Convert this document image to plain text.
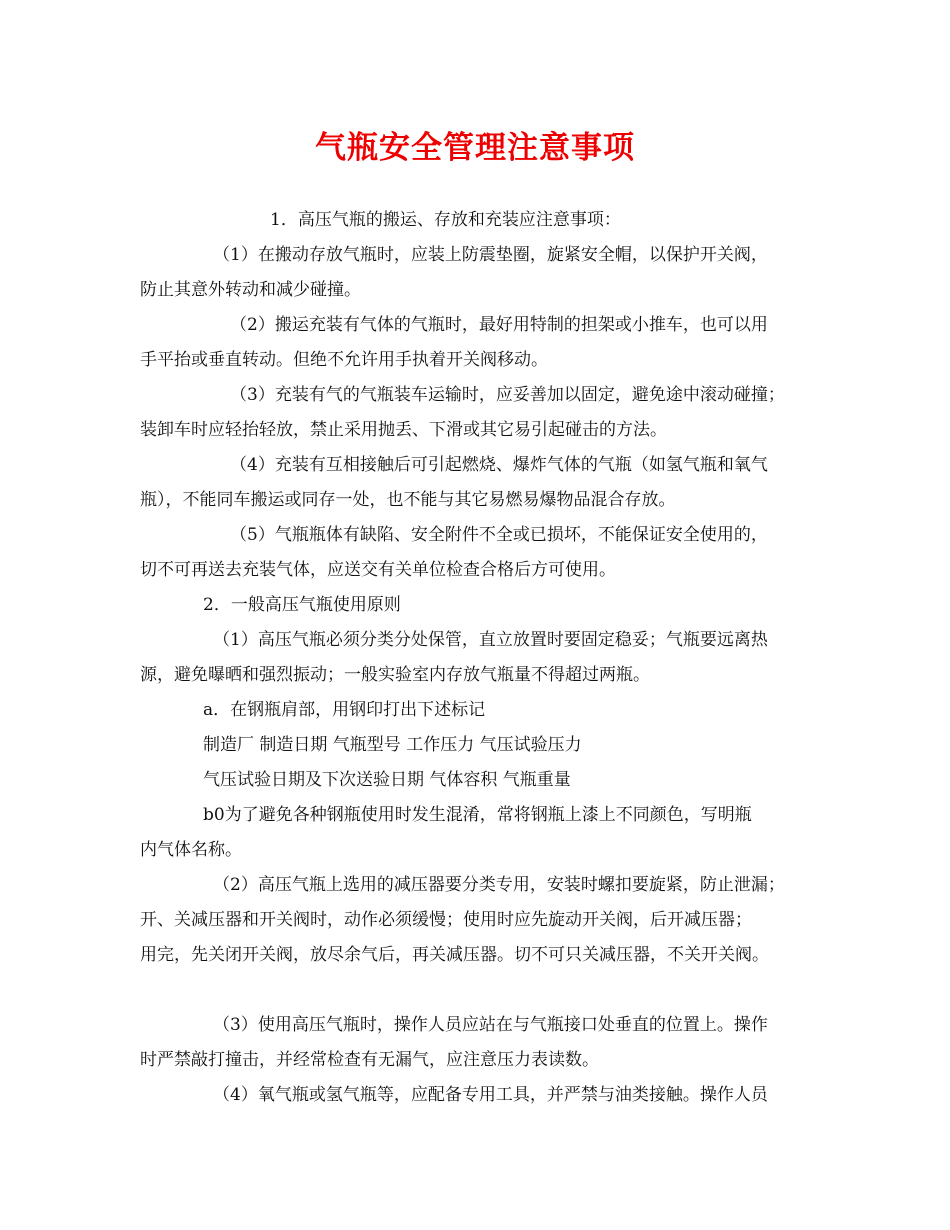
气瓶安全管理注意事项
1．高压气瓶的搬运、存放和充装应注意事项：
（1）在搬动存放气瓶时，应装上防震垫圈，旋紧安全帽，以保护开关阀，
防止其意外转动和减少碰撞。
（2）搬运充装有气体的气瓶时，最好用特制的担架或小推车，也可以用
手平抬或垂直转动。但绝不允许用手执着开关阀移动。
（3）充装有气的气瓶装车运输时，应妥善加以固定，避免途中滚动碰撞；
装卸车时应轻抬轻放，禁止采用抛丢、下滑或其它易引起碰击的方法。
（4）充装有互相接触后可引起燃烧、爆炸气体的气瓶（如氢气瓶和氧气
瓶），不能同车搬运或同存一处，也不能与其它易燃易爆物品混合存放。
（5）气瓶瓶体有缺陷、安全附件不全或已损坏，不能保证安全使用的，
切不可再送去充装气体，应送交有关单位检查合格后方可使用。
2．一般高压气瓶使用原则
（1）高压气瓶必须分类分处保管，直立放置时要固定稳妥；气瓶要远离热
源，避免曝晒和强烈振动；一般实验室内存放气瓶量不得超过两瓶。
a．在钢瓶肩部，用钢印打出下述标记
制造厂 制造日期 气瓶型号 工作压力 气压试验压力
气压试验日期及下次送验日期 气体容积 气瓶重量
b0为了避免各种钢瓶使用时发生混淆，常将钢瓶上漆上不同颜色，写明瓶
内气体名称。
（2）高压气瓶上选用的减压器要分类专用，安装时螺扣要旋紧，防止泄漏；
开、关减压器和开关阀时，动作必须缓慢；使用时应先旋动开关阀，后开减压器；
用完，先关闭开关阀，放尽余气后，再关减压器。切不可只关减压器，不关开关阀。
（3）使用高压气瓶时，操作人员应站在与气瓶接口处垂直的位置上。操作
时严禁敲打撞击，并经常检查有无漏气，应注意压力表读数。
（4）氧气瓶或氢气瓶等，应配备专用工具，并严禁与油类接触。操作人员
